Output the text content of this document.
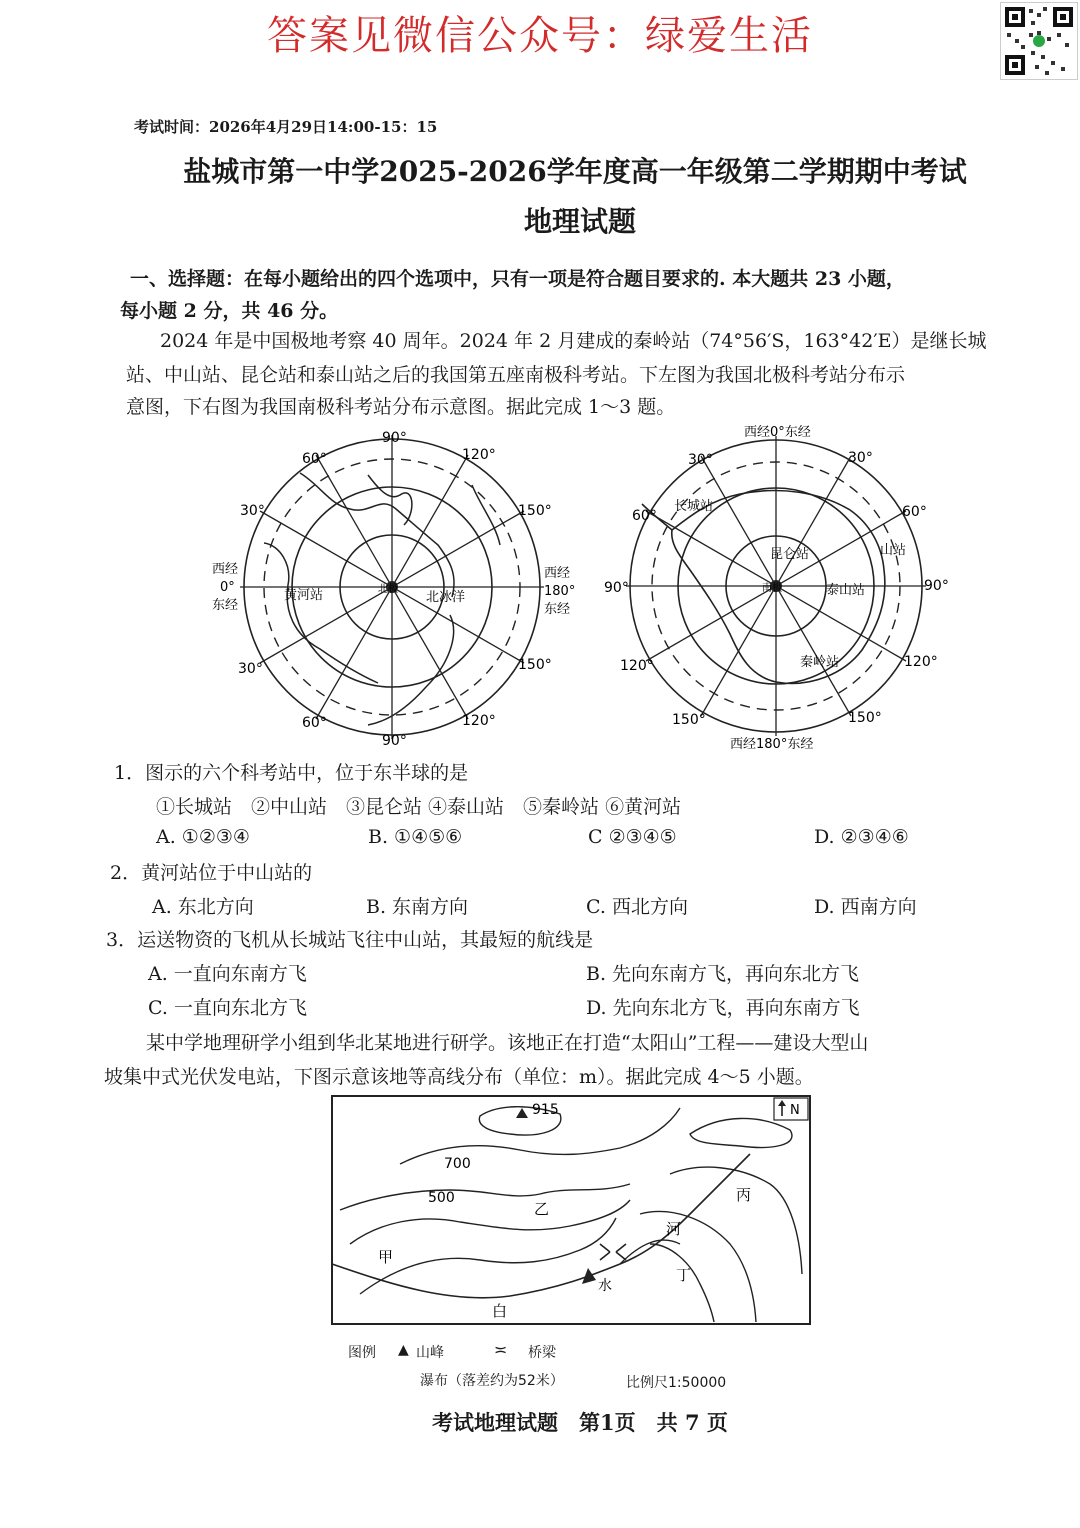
答案见微信公众号：绿爱生活
考试时间：2026年4月29日14:00-15：15
盐城市第一中学2025-2026学年度高一年级第二学期期中考试
地理试题
一、选择题：在每小题给出的四个选项中，只有一项是符合题目要求的. 本大题共 23 小题，
每小题 2 分，共 46 分。
2024 年是中国极地考察 40 周年。2024 年 2 月建成的秦岭站（74°56′S，163°42′E）是继长城
站、中山站、昆仑站和泰山站之后的我国第五座南极科考站。下左图为我国北极科考站分布示
意图，下右图为我国南极科考站分布示意图。据此完成 1～3 题。
90°
90°
60°	120°
30°	150°
30°	150°
60°	120°
西经
0°
东经
西经
180°
东经
黄河站	北冰洋
北极
西经0°东经
西经180°东经
30°	30°
60°	60°
90°	90°
120°	120°
150°	150°
长城站
昆仑站	山站
泰山站
秦岭站
南极
1．图示的六个科考站中，位于东半球的是
①长城站　②中山站　③昆仑站 ④泰山站　⑤秦岭站 ⑥黄河站
A. ①②③④	B. ①④⑤⑥	C ②③④⑤	D. ②③④⑥
2．黄河站位于中山站的
A. 东北方向	B. 东南方向	C. 西北方向	D. 西南方向
3．运送物资的飞机从长城站飞往中山站，其最短的航线是
A. 一直向东南方飞	B. 先向东南方飞，再向东北方飞
C. 一直向东北方飞	D. 先向东北方飞，再向东南方飞
某中学地理研学小组到华北某地进行研学。该地正在打造“太阳山”工程——建设大型山
坡集中式光伏发电站，下图示意该地等高线分布（单位：m）。据此完成 4～5 小题。
N
915
700
500
甲
乙
丙
丁
白
河
水
图例 ▲ 山峰	≍ 桥梁
瀑布（落差约为52米）	比例尺1:50000
考试地理试题　第1页　共 7 页
